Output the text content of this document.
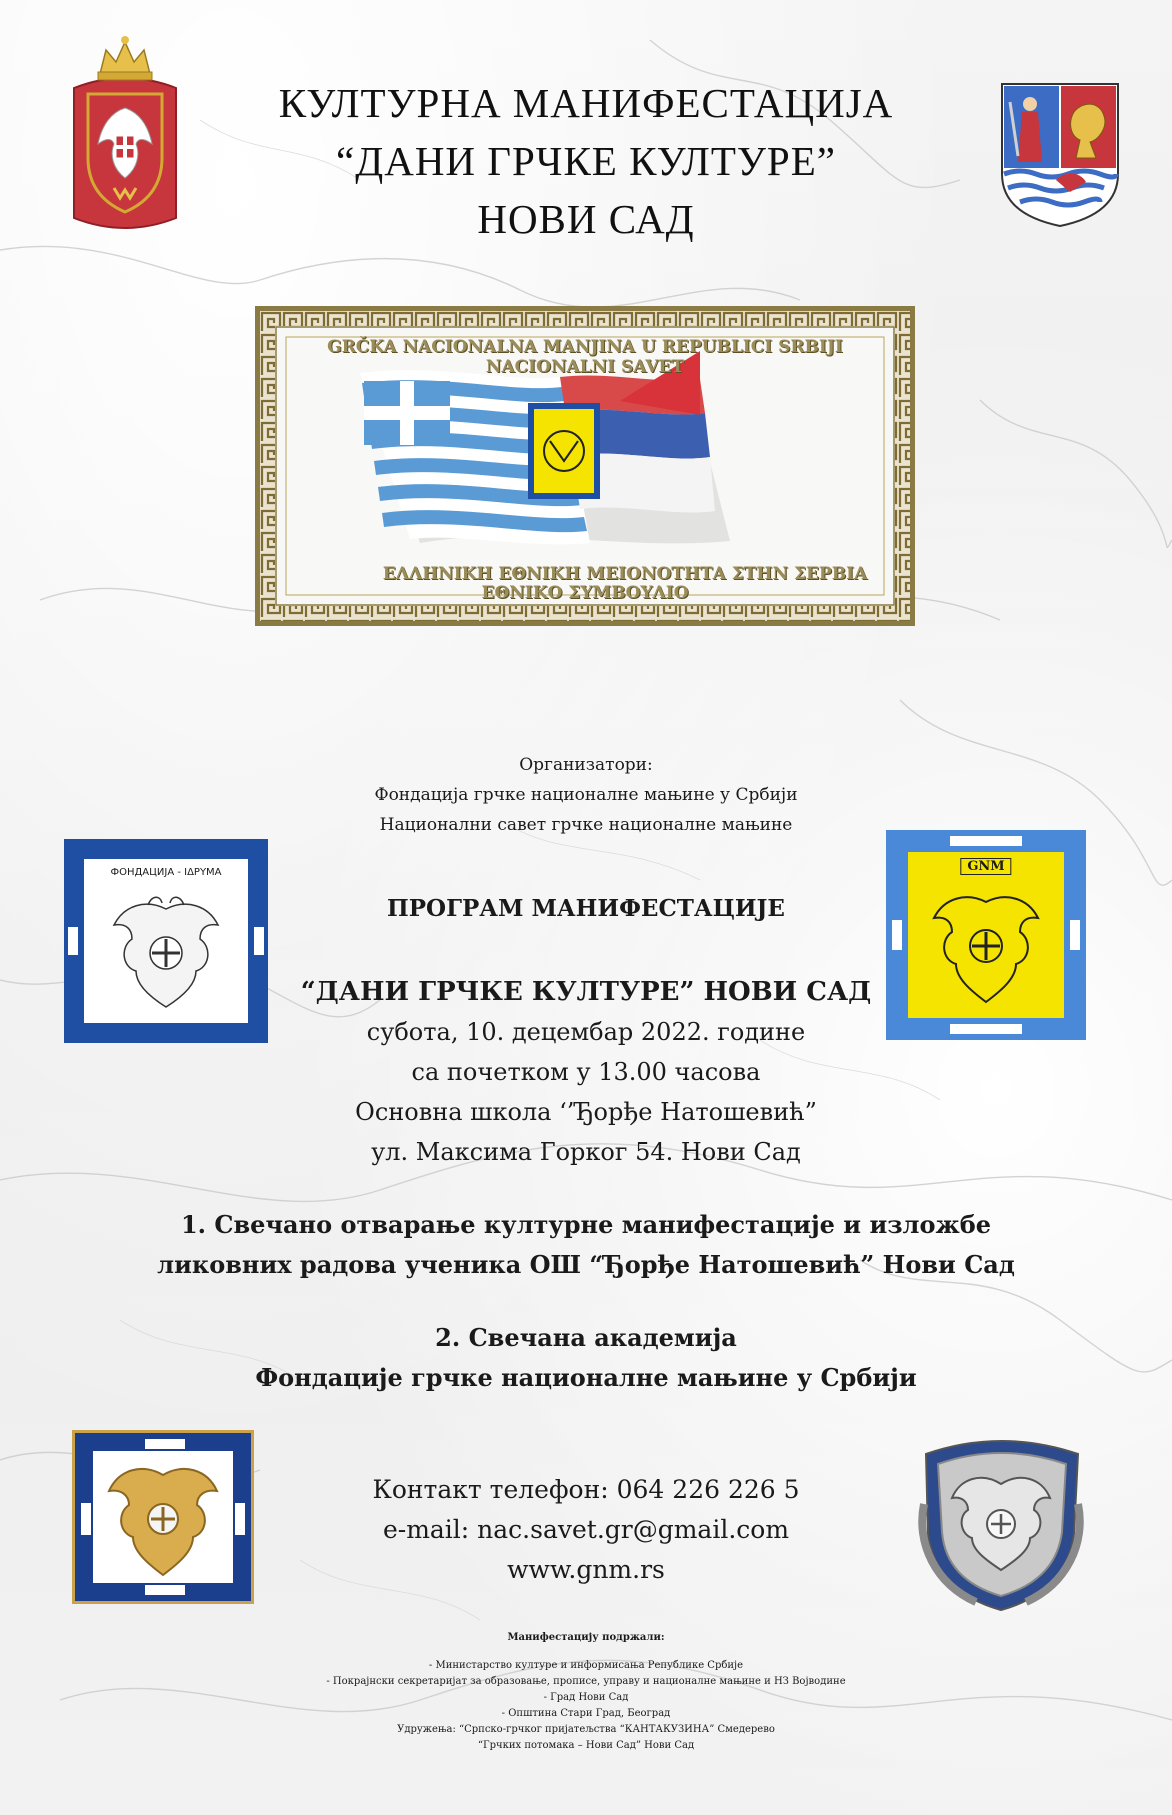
КУЛТУРНА МАНИФЕСТАЦИЈА
“ДАНИ ГРЧКЕ КУЛТУРЕ”
НОВИ САД
GRČKA NACIONALNA MANJINA U REPUBLICI SRBIJI
NACIONALNI SAVET
ΕΛΛΗΝΙΚΗ ΕΘΝΙΚΗ ΜΕΙΟΝΟΤΗΤΑ ΣΤΗΝ ΣΕΡΒΙΑ
ΕΘΝΙΚΟ ΣΥΜΒΟΥΛΙΟ
Организатори:
Фондација грчке националне мањине у Србији
Национални савет грчке националне мањине
ФОНДАЦИЈА - ΙΔΡΥΜΑ	GNM
ПРОГРАМ МАНИФЕСТАЦИЈЕ
“ДАНИ ГРЧКЕ КУЛТУРЕ” НОВИ САД
субота, 10. децембар 2022. године
са почетком у 13.00 часова
Основна школа ‘’Ђорђе Натошевић”
ул. Максима Горког 54. Нови Сад
1. Свечано отварање културне манифестације и изложбе
ликовних радова ученика ОШ “Ђорђе Натошевић” Нови Сад
2. Свечана академија
Фондације грчке националне мањине у Србији
Контакт телефон: 064 226 226 5
e-mail: nac.savet.gr@gmail.com
www.gnm.rs
Манифестацију подржали:
- Министарство културе и информисања Републике Србије
- Покрајнски секретаријат за образовање, прописе, управу и националне мањине и НЗ Војводине
- Град Нови Сад
- Општина Стари Град, Београд
Удружења: “Српско-грчког пријатељства “КАНТАКУЗИНА” Смедерево
“Грчких потомака – Нови Сад” Нови Сад
